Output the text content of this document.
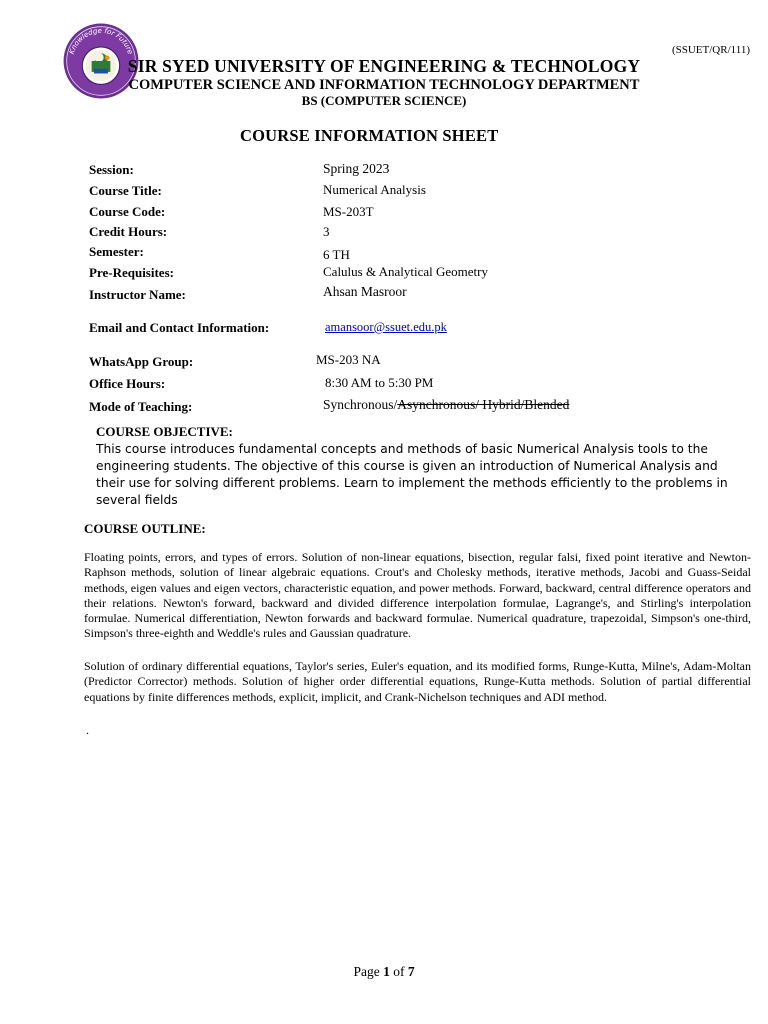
(SSUET/QR/111)
Knowledge for Future
SIR SYED UNIVERSITY OF ENGINEERING & TECHNOLOGY
COMPUTER SCIENCE AND INFORMATION TECHNOLOGY DEPARTMENT
BS (COMPUTER SCIENCE)
COURSE INFORMATION SHEET
Session:	Spring 2023
Course Title:	Numerical Analysis
Course Code:	MS-203T
Credit Hours:	3
Semester:	6 TH
Pre-Requisites:	Calulus & Analytical Geometry
Instructor Name:	Ahsan Masroor
Email and Contact Information:	amansoor@ssuet.edu.pk
WhatsApp Group:	MS-203 NA
Office Hours:	8:30 AM to 5:30 PM
Mode of Teaching:	Synchronous/Asynchronous/ Hybrid/Blended
COURSE OBJECTIVE:
This course introduces fundamental concepts and methods of basic Numerical Analysis tools to the engineering students. The objective of this course is given an introduction of Numerical Analysis and their use for solving different problems. Learn to implement the methods efficiently to the problems in several fields
COURSE OUTLINE:
Floating points, errors, and types of errors. Solution of non-linear equations, bisection, regular falsi, fixed point iterative and Newton-Raphson methods, solution of linear algebraic equations. Crout's and Cholesky methods, iterative methods, Jacobi and Guass-Seidal methods, eigen values and eigen vectors, characteristic equation, and power methods. Forward, backward, central difference operators and their relations. Newton's forward, backward and divided difference interpolation formulae, Lagrange's, and Stirling's interpolation formulae. Numerical differentiation, Newton forwards and backward formulae. Numerical quadrature, trapezoidal, Simpson's one-third, Simpson's three-eighth and Weddle's rules and Gaussian quadrature.
Solution of ordinary differential equations, Taylor's series, Euler's equation, and its modified forms, Runge-Kutta, Milne's, Adam-Moltan (Predictor Corrector) methods. Solution of higher order differential equations, Runge-Kutta methods. Solution of partial differential equations by finite differences methods, explicit, implicit, and Crank-Nichelson techniques and ADI method.
.
Page 1 of 7
